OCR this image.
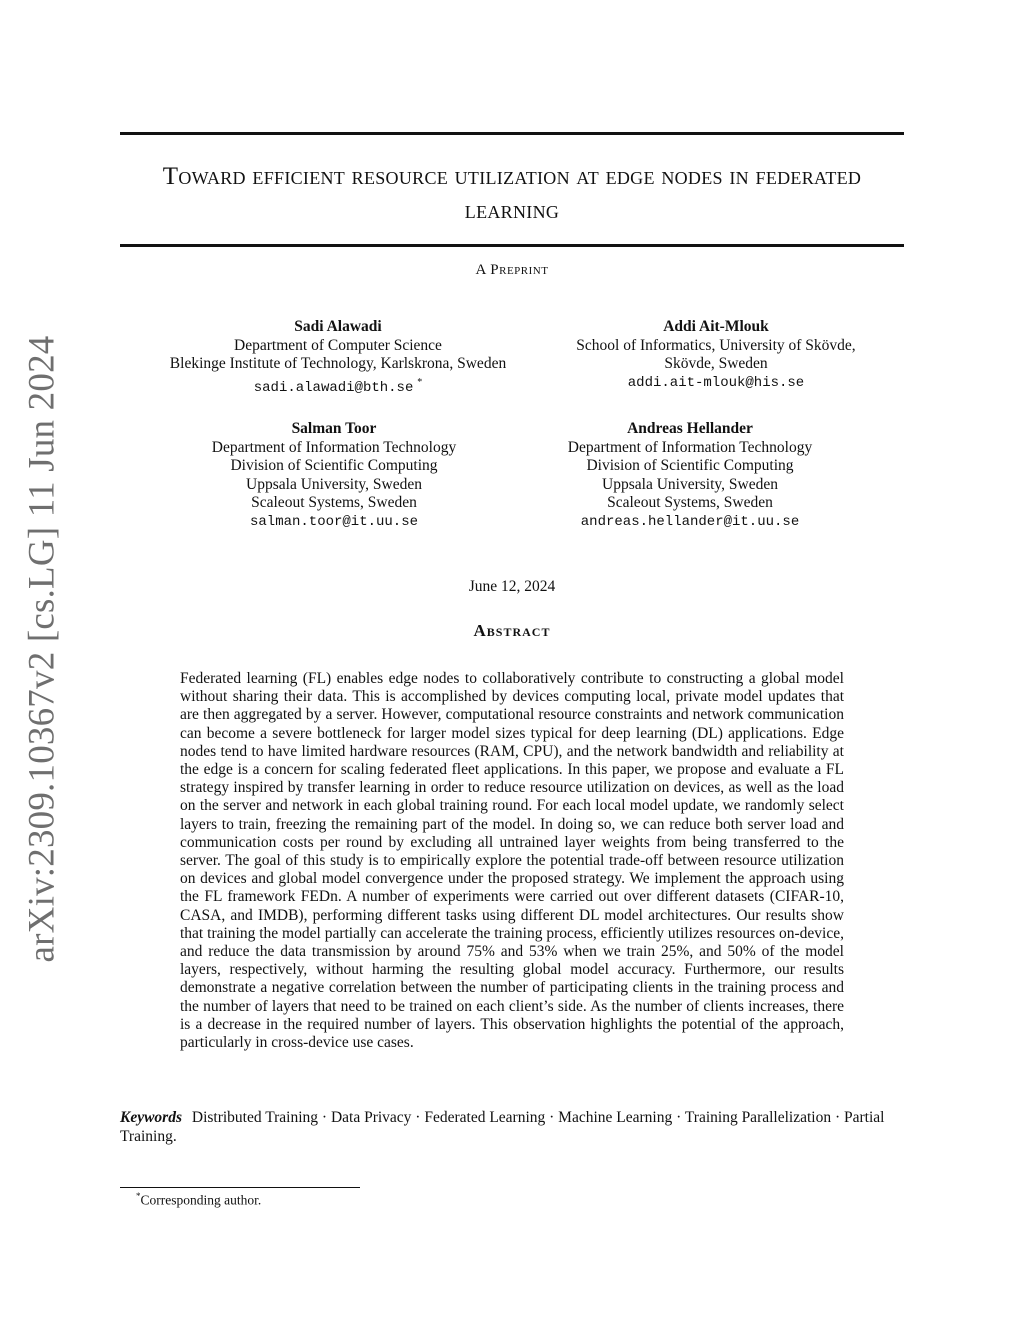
arXiv:2309.10367v2 [cs.LG] 11 Jun 2024
Toward efficient resource utilization at edge nodes in federated learning
A Preprint
Sadi Alawadi
Department of Computer Science
Blekinge Institute of Technology, Karlskrona, Sweden
sadi.alawadi@bth.se *
Addi Ait-Mlouk
School of Informatics, University of Skövde,
Skövde, Sweden
addi.ait-mlouk@his.se
Salman Toor
Department of Information Technology
Division of Scientific Computing
Uppsala University, Sweden
Scaleout Systems, Sweden
salman.toor@it.uu.se
Andreas Hellander
Department of Information Technology
Division of Scientific Computing
Uppsala University, Sweden
Scaleout Systems, Sweden
andreas.hellander@it.uu.se
June 12, 2024
Abstract
Federated learning (FL) enables edge nodes to collaboratively contribute to constructing a global model without sharing their data. This is accomplished by devices computing local, private model updates that are then aggregated by a server. However, computational resource constraints and network communication can become a severe bottleneck for larger model sizes typical for deep learning (DL) applications. Edge nodes tend to have limited hardware resources (RAM, CPU), and the network bandwidth and reliability at the edge is a concern for scaling federated fleet applications. In this paper, we propose and evaluate a FL strategy inspired by transfer learning in order to reduce resource utilization on devices, as well as the load on the server and network in each global training round. For each local model update, we randomly select layers to train, freezing the remaining part of the model. In doing so, we can reduce both server load and communication costs per round by excluding all untrained layer weights from being transferred to the server. The goal of this study is to empirically explore the potential trade-off between resource utilization on devices and global model convergence under the proposed strategy. We implement the approach using the FL framework FEDn. A number of experiments were carried out over different datasets (CIFAR-10, CASA, and IMDB), performing different tasks using different DL model architectures. Our results show that training the model partially can accelerate the training process, efficiently utilizes resources on-device, and reduce the data transmission by around 75% and 53% when we train 25%, and 50% of the model layers, respectively, without harming the resulting global model accuracy. Furthermore, our results demonstrate a negative correlation between the number of participating clients in the training process and the number of layers that need to be trained on each client’s side. As the number of clients increases, there is a decrease in the required number of layers. This observation highlights the potential of the approach, particularly in cross-device use cases.
Keywords Distributed Training · Data Privacy · Federated Learning · Machine Learning · Training Parallelization · Partial Training.
*Corresponding author.
